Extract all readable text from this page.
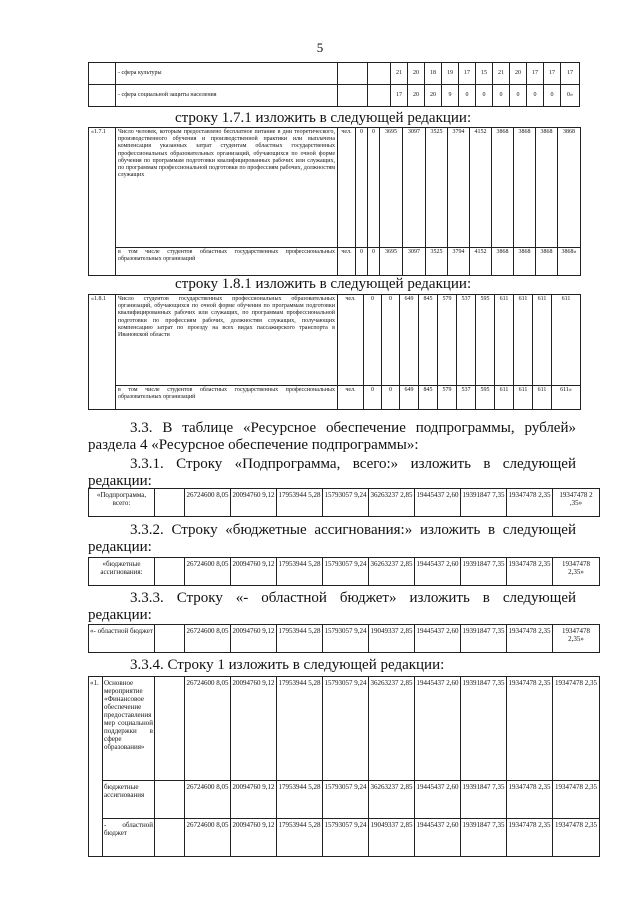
5
	- сфера культуры			21	20	18	19	17	15	21	20	17	17	17
	- сфера социальной защиты населения			17	20	20	9	0	0	0	0	0	0	0»
строку 1.7.1 изложить в следующей редакции:
«1.7.1	Число человек, которым предоставлено бесплатное питание в дни теоретического, производственного обучения и производственной практики или выплачена компенсация указанных затрат студентам областных государственных профессиональных образовательных организаций, обучающихся по очной форме обучения по программам подготовки квалифицированных рабочих или служащих, по программам профессиональной подготовки по профессиям рабочих, должностям служащих	чел.	0	0	3695	3097	3525	3794	4152	3868	3868	3868	3868
	в том числе студентов областных государственных профессиональных образовательных организаций	чел.	0	0	3695	3097	3525	3794	4152	3868	3868	3868	3868»
строку 1.8.1 изложить в следующей редакции:
«1.8.1	Число студентов государственных профессиональных образовательных организаций, обучающихся по очной форме обучения по программам подготовки квалифицированных рабочих или служащих, по программам профессиональной подготовки по профессиям рабочих, должностям служащих, получающих компенсацию затрат по проезду на всех видах пассажирского транспорта в Ивановской области	чел.	0	0	649	845	579	537	595	611	611	611	611
	в том числе студентов областных государственных профессиональных образовательных организаций	чел.	0	0	649	845	579	537	595	611	611	611	611»
3.3. В таблице «Ресурсное обеспечение подпрограммы, рублей» раздела 4 «Ресурсное обеспечение подпрограммы»:
3.3.1. Строку «Подпрограмма, всего:» изложить в следующей редакции:
«Подпрограмма, всего:		26724600 8,05	20094760 9,12	17953944 5,28	15793057 9,24	36263237 2,85	19445437 2,60	19391847 7,35	19347478 2,35	19347478 2 ,35»
3.3.2. Строку «бюджетные ассигнования:» изложить в следующей редакции:
«бюджетные ассигнования:		26724600 8,05	20094760 9,12	17953944 5,28	15793057 9,24	36263237 2,85	19445437 2,60	19391847 7,35	19347478 2,35	19347478 2,35»
3.3.3. Строку «- областной бюджет» изложить в следующей редакции:
«- областной бюджет		26724600 8,05	20094760 9,12	17953944 5,28	15793057 9,24	19049337 2,85	19445437 2,60	19391847 7,35	19347478 2,35	19347478 2,35»
3.3.4. Строку 1 изложить в следующей редакции:
«1.	Основное мероприятие «Финансовое обеспечение предоставления мер социальной поддержки в сфере образования»		26724600 8,05	20094760 9,12	17953944 5,28	15793057 9,24	36263237 2,85	19445437 2,60	19391847 7,35	19347478 2,35	19347478 2,35
	бюджетные ассигнования		26724600 8,05	20094760 9,12	17953944 5,28	15793057 9,24	36263237 2,85	19445437 2,60	19391847 7,35	19347478 2,35	19347478 2,35
	- областной бюджет		26724600 8,05	20094760 9,12	17953944 5,28	15793057 9,24	19049337 2,85	19445437 2,60	19391847 7,35	19347478 2,35	19347478 2,35
